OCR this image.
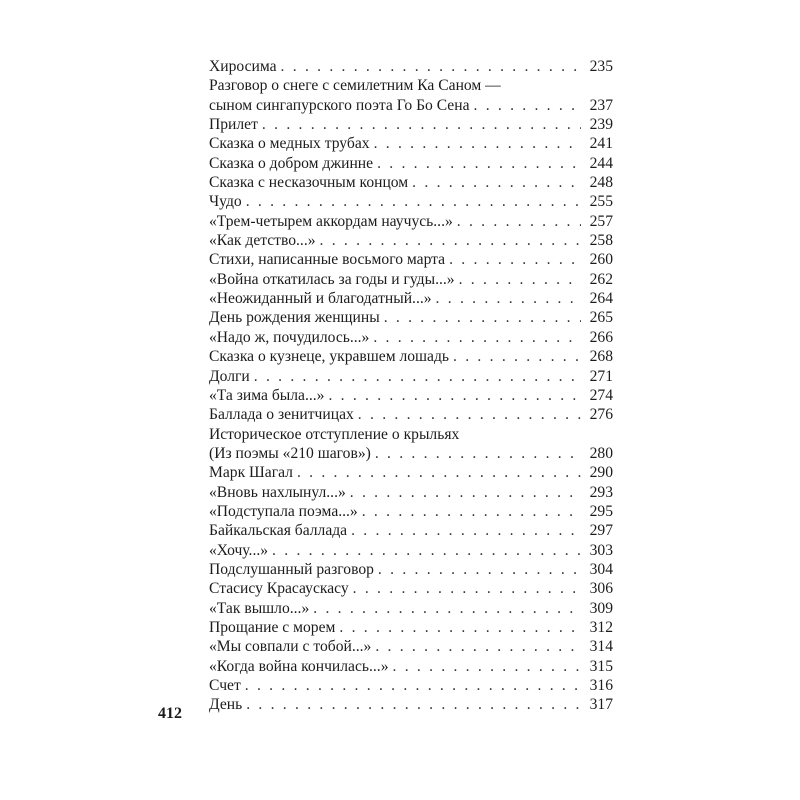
Хиросима . . .	235
Разговор о снеге с семилетним Ка Саном —
сыном сингапурского поэта Го Бо Сена . . .	237
Прилет . . .	239
Сказка о медных трубах . . .	241
Сказка о добром джинне . . .	244
Сказка с несказочным концом . . .	248
Чудо . . .	255
«Трем-четырем аккордам научусь...» . . .	257
«Как детство...» . . .	258
Стихи, написанные восьмого марта . . .	260
«Война откатилась за годы и гуды...» . . .	262
«Неожиданный и благодатный...» . . .	264
День рождения женщины . . .	265
«Надо ж, почудилось...» . . .	266
Сказка о кузнеце, укравшем лошадь . . .	268
Долги . . .	271
«Та зима была...» . . .	274
Баллада о зенитчицах . . .	276
Историческое отступление о крыльях
(Из поэмы «210 шагов») . . .	280
Марк Шагал . . .	290
«Вновь нахлынул...» . . .	293
«Подступала поэма...» . . .	295
Байкальская баллада . . .	297
«Хочу...» . . .	303
Подслушанный разговор . . .	304
Стасису Красаускасу . . .	306
«Так вышло...» . . .	309
Прощание с морем . . .	312
«Мы совпали с тобой...» . . .	314
«Когда война кончилась...» . . .	315
Счет . . .	316
День . . .	317
412
